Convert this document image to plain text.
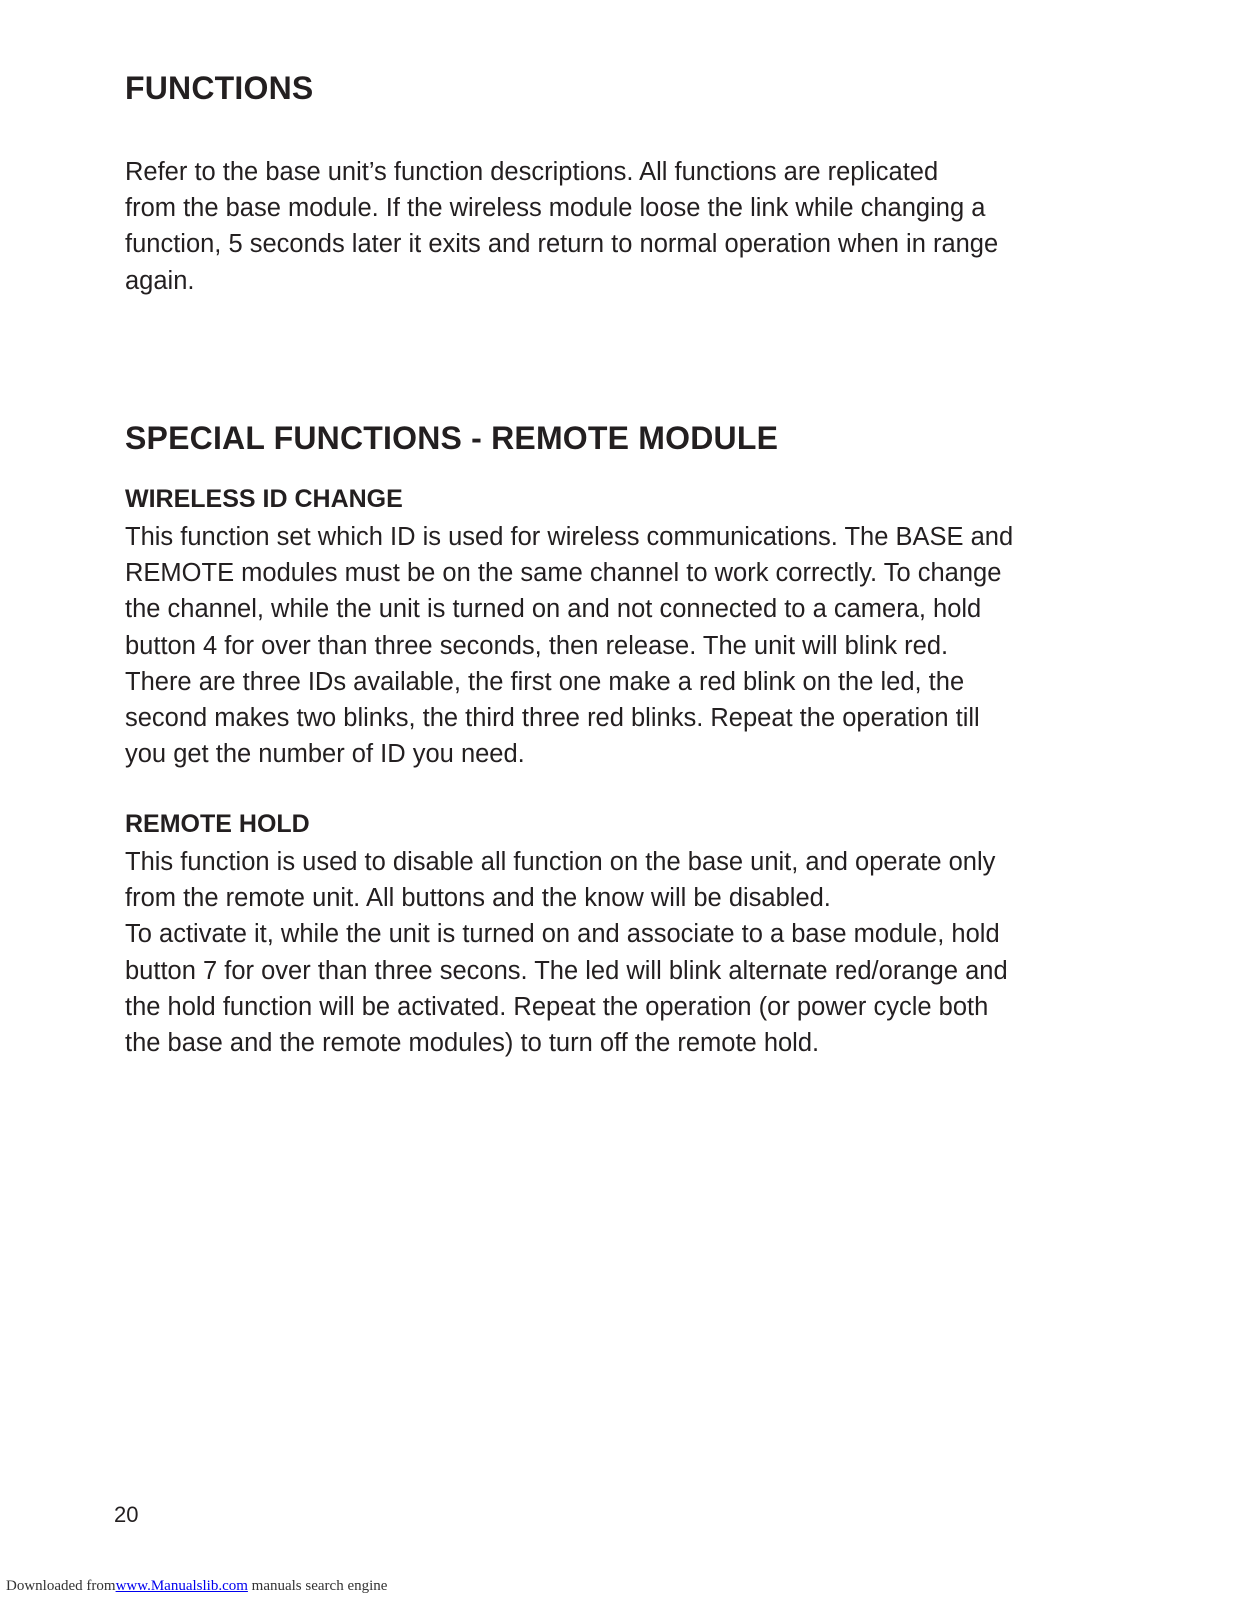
FUNCTIONS

Refer to the base unit’s function descriptions. All functions are replicated
from the base module. If the wireless module loose the link while changing a
function, 5 seconds later it exits and return to normal operation when in range
again.

SPECIAL FUNCTIONS - REMOTE MODULE
WIRELESS ID CHANGE

This function set which ID is used for wireless communications. The BASE and
REMOTE modules must be on the same channel to work correctly. To change
the channel, while the unit is turned on and not connected to a camera, hold
button 4 for over than three seconds, then release. The unit will blink red.
There are three IDs available, the first one make a red blink on the led, the
second makes two blinks, the third three red blinks. Repeat the operation till
you get the number of ID you need.

REMOTE HOLD

This function is used to disable all function on the base unit, and operate only
from the remote unit. All buttons and the know will be disabled.
To activate it, while the unit is turned on and associate to a base module, hold
button 7 for over than three secons. The led will blink alternate red/orange and
the hold function will be activated. Repeat the operation (or power cycle both
the base and the remote modules) to turn off the remote hold.

20
Downloaded fromwww.Manualslib.com manuals search engine
